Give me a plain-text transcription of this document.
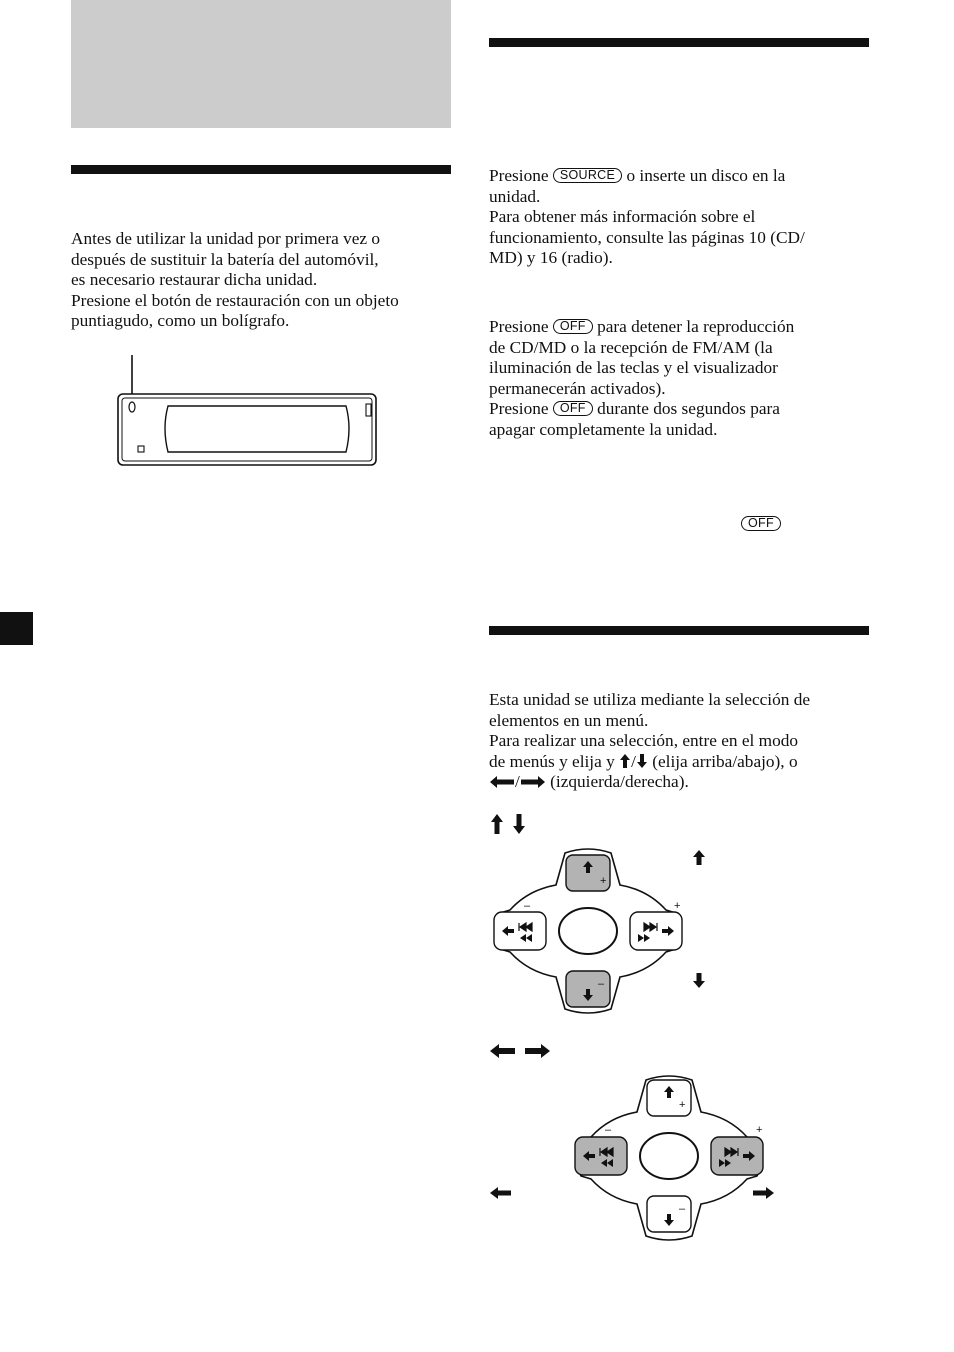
Antes de utilizar la unidad por primera vez o

después de sustituir la batería del automóvil,

es necesario restaurar dicha unidad.

Presione el botón de restauración con un objeto

puntiagudo, como un bolígrafo.

Presione SOURCE o inserte un disco en la

unidad.

Para obtener más información sobre el

funcionamiento, consulte las páginas 10 (CD/

MD) y 16 (radio).

Presione OFF para detener la reproducción

de CD/MD o la recepción de FM/AM (la

iluminación de las teclas y el visualizador

permanecerán activados).

Presione OFF durante dos segundos para

apagar completamente la unidad.

OFF

Esta unidad se utiliza mediante la selección de

elementos en un menú.

Para realizar una selección, entre en el modo

de menús y elija y / (elija arriba/abajo), o

/ (izquierda/derecha).

+
–
–	+
+
–
–	+
